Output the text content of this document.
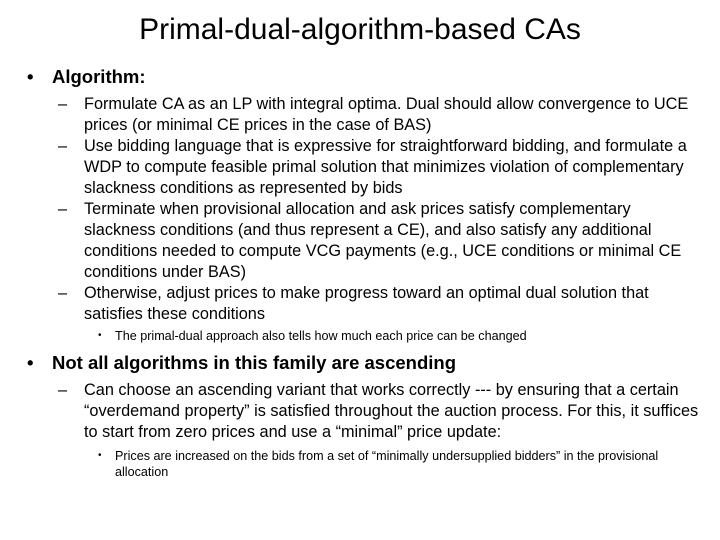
Primal-dual-algorithm-based CAs
• Algorithm:
– Formulate CA as an LP with integral optima. Dual should allow convergence to UCE prices (or minimal CE prices in the case of BAS)
– Use bidding language that is expressive for straightforward bidding, and formulate a WDP to compute feasible primal solution that minimizes violation of complementary slackness conditions as represented by bids
– Terminate when provisional allocation and ask prices satisfy complementary slackness conditions (and thus represent a CE), and also satisfy any additional conditions needed to compute VCG payments (e.g., UCE conditions or minimal CE conditions under BAS)
– Otherwise, adjust prices to make progress toward an optimal dual solution that satisfies these conditions
• The primal-dual approach also tells how much each price can be changed
• Not all algorithms in this family are ascending
– Can choose an ascending variant that works correctly --- by ensuring that a certain “overdemand property” is satisfied throughout the auction process. For this, it suffices to start from zero prices and use a “minimal” price update:
• Prices are increased on the bids from a set of “minimally undersupplied bidders” in the provisional allocation
